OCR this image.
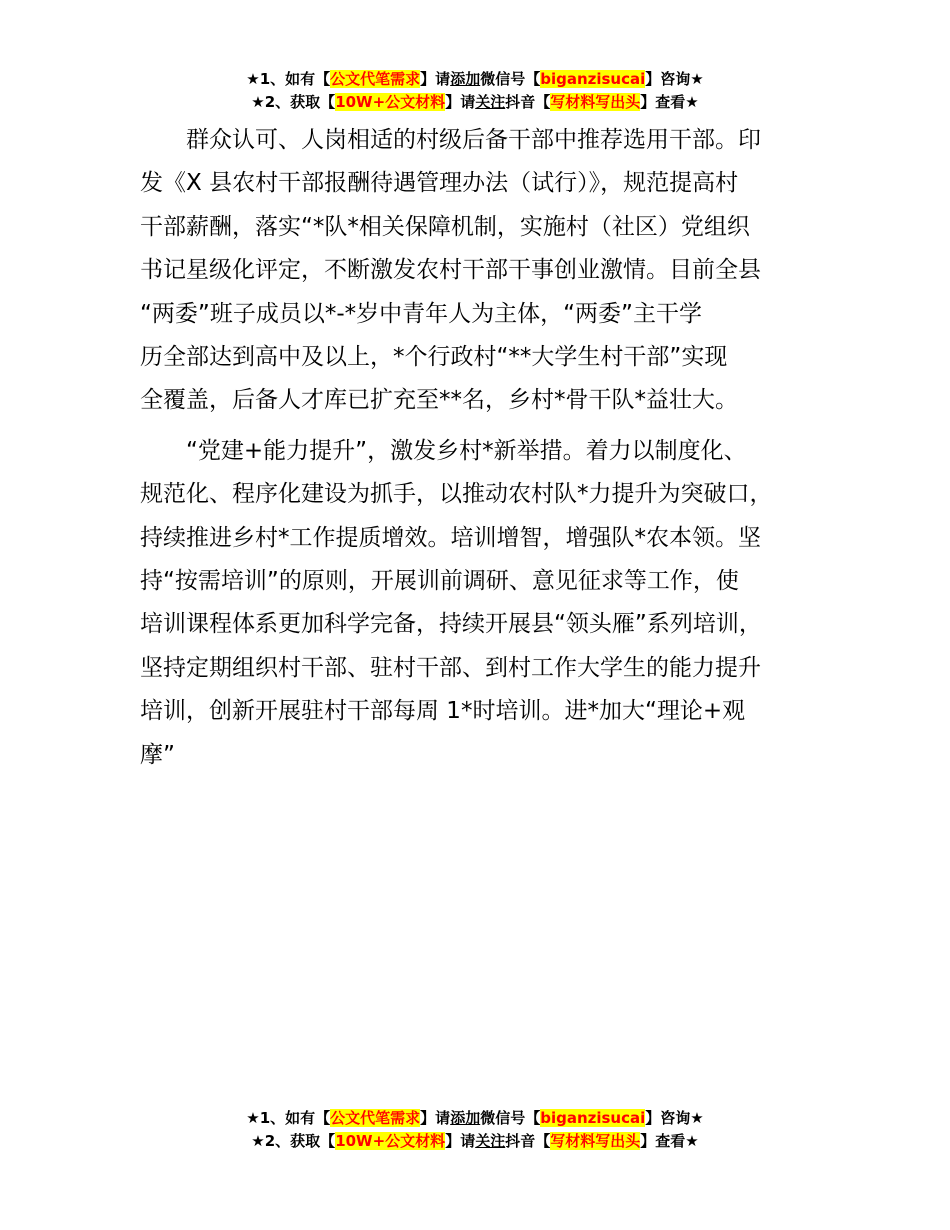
★1、如有【公文代笔需求】请添加微信号【biganzisucai】咨询★
★2、获取【10W+公文材料】请关注抖音【写材料写出头】查看★

群众认可、人岗相适的村级后备干部中推荐选用干部。印
发《X 县农村干部报酬待遇管理办法（试行）》，规范提高村
干部薪酬，落实“*队*相关保障机制，实施村（社区）党组织
书记星级化评定，不断激发农村干部干事创业激情。目前全县
“两委”班子成员以*-*岁中青年人为主体，“两委”主干学
历全部达到高中及以上，*个行政村“**大学生村干部”实现
全覆盖，后备人才库已扩充至**名，乡村*骨干队*益壮大。

“党建+能力提升”，激发乡村*新举措。着力以制度化、
规范化、程序化建设为抓手，以推动农村队*力提升为突破口，
持续推进乡村*工作提质增效。培训增智，增强队*农本领。坚
持“按需培训”的原则，开展训前调研、意见征求等工作，使
培训课程体系更加科学完备，持续开展县“领头雁”系列培训，
坚持定期组织村干部、驻村干部、到村工作大学生的能力提升
培训，创新开展驻村干部每周 1*时培训。进*加大“理论+观
摩”

★1、如有【公文代笔需求】请添加微信号【biganzisucai】咨询★
★2、获取【10W+公文材料】请关注抖音【写材料写出头】查看★
